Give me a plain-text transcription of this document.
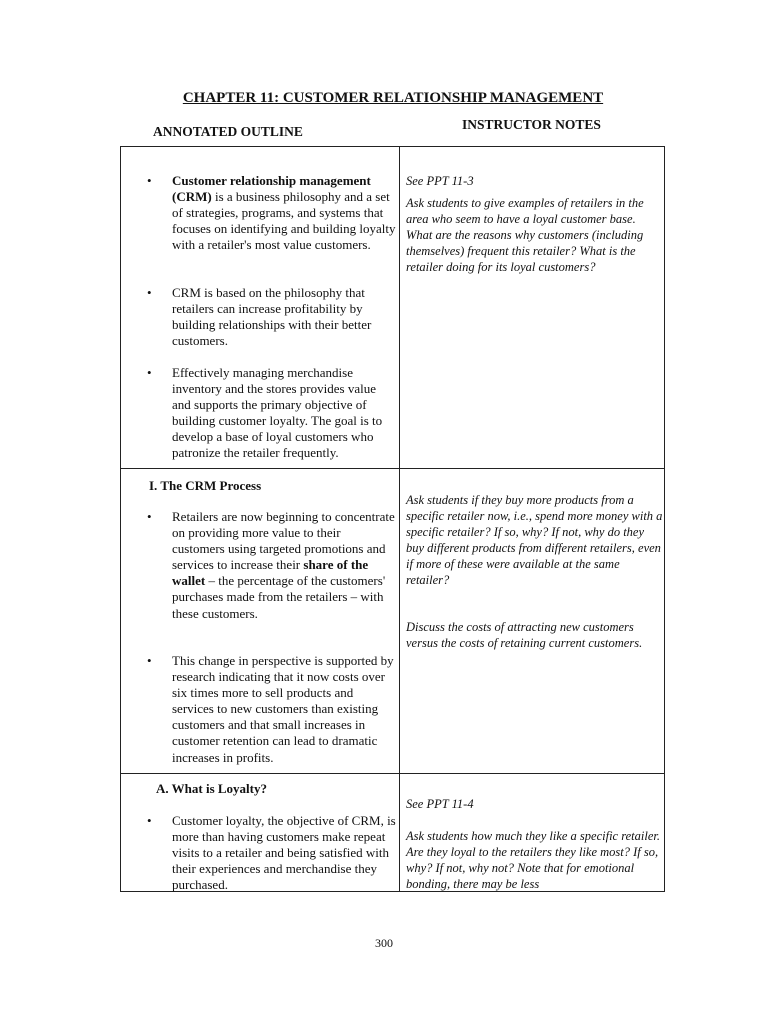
CHAPTER 11: CUSTOMER RELATIONSHIP MANAGEMENT
ANNOTATED OUTLINE	INSTRUCTOR NOTES
• Customer relationship management (CRM) is a business philosophy and a set of strategies, programs, and systems that focuses on identifying and building loyalty with a retailer's most value customers.
• CRM is based on the philosophy that retailers can increase profitability by building relationships with their better customers.
• Effectively managing merchandise inventory and the stores provides value and supports the primary objective of building customer loyalty. The goal is to develop a base of loyal customers who patronize the retailer frequently.
See PPT 11-3
Ask students to give examples of retailers in the area who seem to have a loyal customer base. What are the reasons why customers (including themselves) frequent this retailer? What is the retailer doing for its loyal customers?
I. The CRM Process
• Retailers are now beginning to concentrate on providing more value to their customers using targeted promotions and services to increase their share of the wallet – the percentage of the customers' purchases made from the retailers – with these customers.
• This change in perspective is supported by research indicating that it now costs over six times more to sell products and services to new customers than existing customers and that small increases in customer retention can lead to dramatic increases in profits.
Ask students if they buy more products from a specific retailer now, i.e., spend more money with a specific retailer? If so, why? If not, why do they buy different products from different retailers, even if more of these were available at the same retailer?
Discuss the costs of attracting new customers versus the costs of retaining current customers.
A. What is Loyalty?
• Customer loyalty, the objective of CRM, is more than having customers make repeat visits to a retailer and being satisfied with their experiences and merchandise they purchased.
See PPT 11-4
Ask students how much they like a specific retailer. Are they loyal to the retailers they like most? If so, why? If not, why not? Note that for emotional bonding, there may be less
300
